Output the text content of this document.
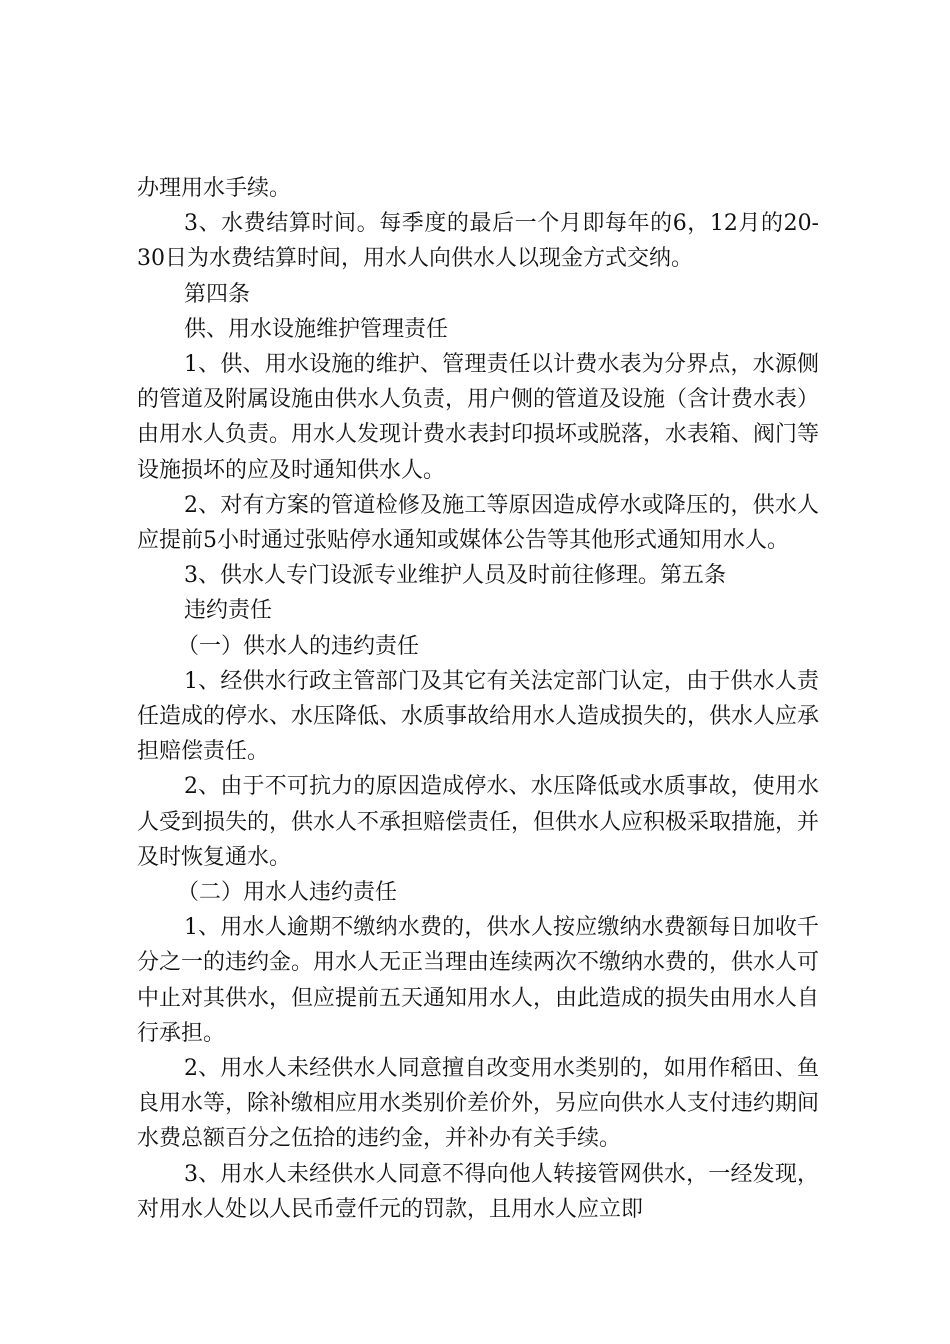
办理用水手续。

3、水费结算时间。每季度的最后一个月即每年的6，12月的20-30日为水费结算时间，用水人向供水人以现金方式交纳。

第四条

供、用水设施维护管理责任

1、供、用水设施的维护、管理责任以计费水表为分界点，水源侧的管道及附属设施由供水人负责，用户侧的管道及设施（含计费水表）由用水人负责。用水人发现计费水表封印损坏或脱落，水表箱、阀门等设施损坏的应及时通知供水人。

2、对有方案的管道检修及施工等原因造成停水或降压的，供水人应提前5小时通过张贴停水通知或媒体公告等其他形式通知用水人。

3、供水人专门设派专业维护人员及时前往修理。第五条

违约责任

（一）供水人的违约责任

1、经供水行政主管部门及其它有关法定部门认定，由于供水人责任造成的停水、水压降低、水质事故给用水人造成损失的，供水人应承担赔偿责任。

2、由于不可抗力的原因造成停水、水压降低或水质事故，使用水人受到损失的，供水人不承担赔偿责任，但供水人应积极采取措施，并及时恢复通水。

（二）用水人违约责任

1、用水人逾期不缴纳水费的，供水人按应缴纳水费额每日加收千分之一的违约金。用水人无正当理由连续两次不缴纳水费的，供水人可中止对其供水，但应提前五天通知用水人，由此造成的损失由用水人自行承担。

2、用水人未经供水人同意擅自改变用水类别的，如用作稻田、鱼良用水等，除补缴相应用水类别价差价外，另应向供水人支付违约期间水费总额百分之伍拾的违约金，并补办有关手续。

3、用水人未经供水人同意不得向他人转接管网供水，一经发现，对用水人处以人民币壹仟元的罚款，且用水人应立即
